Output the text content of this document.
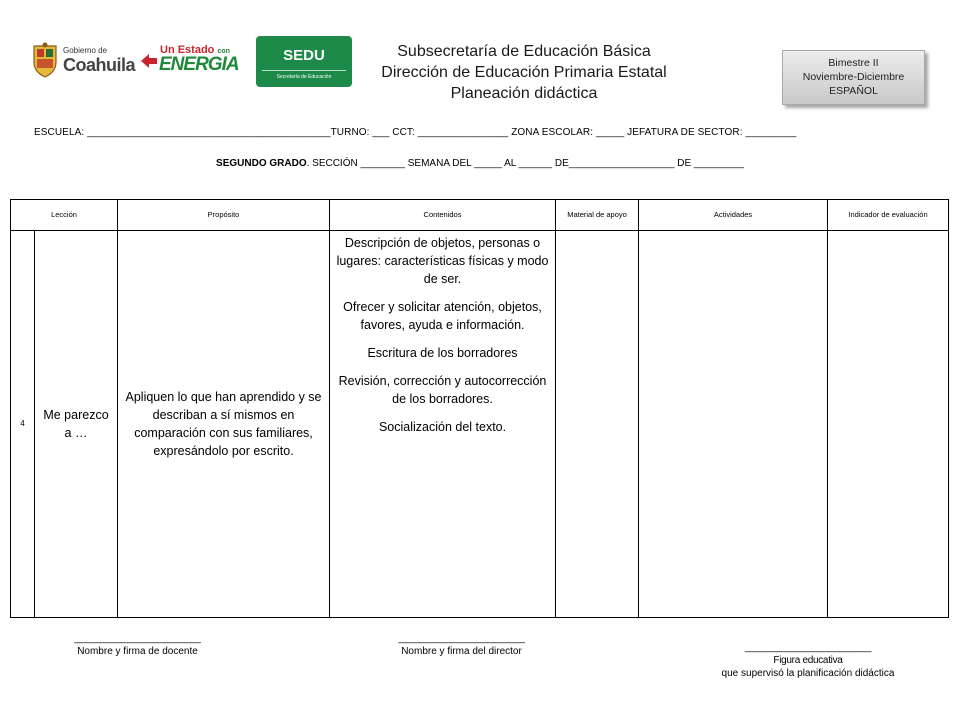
Gobierno de
Coahuila
Un Estado con
ENERGIA	SEDU
Secretaría de Educación
Subsecretaría de Educación Básica
Dirección de Educación Primaria Estatal
Planeación didáctica
Bimestre II
Noviembre-Diciembre
ESPAÑOL
ESCUELA: ___________________________________________TURNO: ___ CCT: ________________ ZONA ESCOLAR: _____ JEFATURA DE SECTOR: _________
SEGUNDO GRADO. SECCIÓN ________ SEMANA DEL _____ AL ______ DE___________________ DE _________
Lección		Propósito	Contenidos	Material de apoyo	Actividades	Indicador de evaluación
4	Me parezco a …	Apliquen lo que han aprendido y se describan a sí mismos en comparación con sus familiares, expresándolo por escrito.	Descripción de objetos, personas o lugares: características físicas y modo de ser.

Ofrecer y solicitar atención, objetos, favores, ayuda e información.

Escritura de los borradores

Revisión, corrección y autocorrección de los borradores.

Socialización del texto.			

________________________
Nombre y firma de docente
________________________
Nombre y firma del director	________________________
Figura educativa
que supervisó la planificación didáctica
